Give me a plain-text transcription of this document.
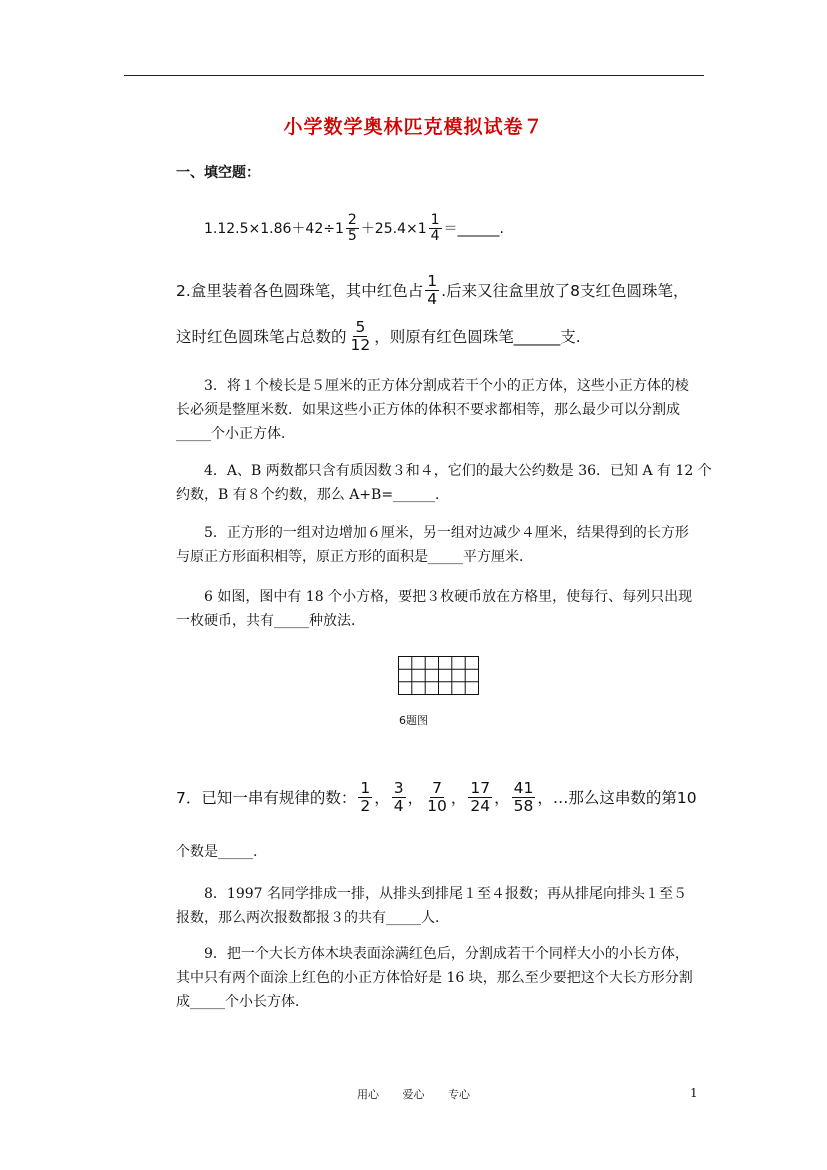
小学数学奥林匹克模拟试卷７
一、填空题：
$1.12.5\times 1.86+42\div 1 \frac{2}{5} +25.4\times 1 \frac{1}{4}$ ＝______.
2.盒里装着各色圆珠笔，其中红色占 $\frac{1}{4}$ .后来又往盒里放了8支红色圆珠笔，
这时红色圆珠笔占总数的 $\frac{5}{12}$ ，则原有红色圆珠笔______支.
3．将１个棱长是５厘米的正方体分割成若干个小的正方体，这些小正方体的棱
长必须是整厘米数．如果这些小正方体的体积不要求都相等，那么最少可以分割成
_____个小正方体．
4．A、B 两数都只含有质因数３和４，它们的最大公约数是 36．已知 A 有 12 个
约数，B 有８个约数，那么 A+B=______．
5．正方形的一组对边增加６厘米，另一组对边减少４厘米，结果得到的长方形
与原正方形面积相等，原正方形的面积是_____平方厘米．
6 如图，图中有 18 个小方格，要把３枚硬币放在方格里，使每行、每列只出现
一枚硬币，共有_____种放法．
6题图
7．已知一串有规律的数： $\frac{1}{2}$ ， $\frac{3}{4}$ ， $\frac{7}{10}$ ， $\frac{17}{24}$ ， $\frac{41}{58}$ ，…那么这串数的第10
个数是_____.
8．1997 名同学排成一排，从排头到排尾１至４报数；再从排尾向排头１至５
报数，那么两次报数都报３的共有_____人．
9．把一个大长方体木块表面涂满红色后，分割成若干个同样大小的小长方体，
其中只有两个面涂上红色的小正方体恰好是 16 块，那么至少要把这个大长方形分割
成_____个小长方体．
用心 爱心 专心	1
